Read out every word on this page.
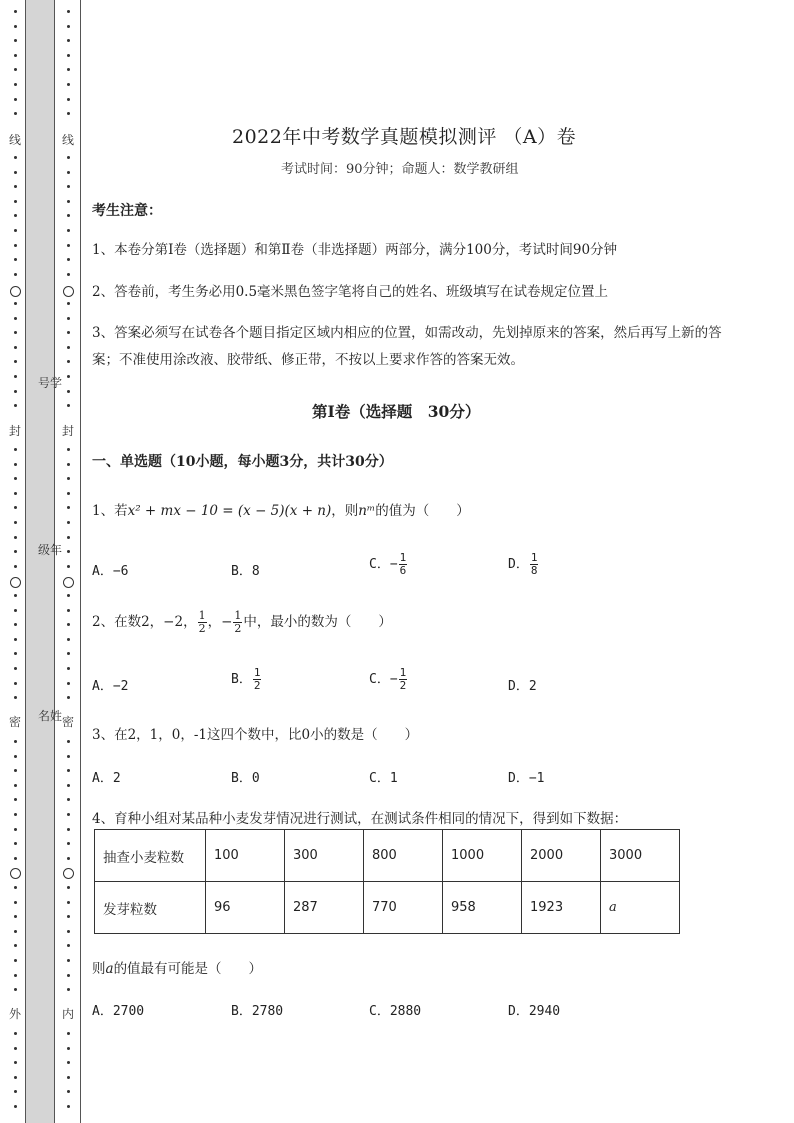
线
封
密
外
号学
级年
名姓
线
封
密
内
2022年中考数学真题模拟测评 （A）卷
考试时间：90分钟；命题人：数学教研组
考生注意：
1、本卷分第I卷（选择题）和第Ⅱ卷（非选择题）两部分，满分100分，考试时间90分钟
2、答卷前，考生务必用0.5毫米黑色签字笔将自己的姓名、班级填写在试卷规定位置上
3、答案必须写在试卷各个题目指定区域内相应的位置，如需改动，先划掉原来的答案，然后再写上新的答案；不准使用涂改液、胶带纸、修正带，不按以上要求作答的答案无效。
第I卷（选择题　30分）
一、单选题（10小题，每小题3分，共计30分）
1、若x² + mx − 10 = (x − 5)(x + n)，则nᵐ的值为（　　）
A．−6	B．8	C．− $\frac{1}{6}$	D． $\frac{1}{8}$
2、在数2，−2， $\frac{1}{2}$ ，− $\frac{1}{2}$ 中，最小的数为（　　）
A．−2	B． $\frac{1}{2}$	C．− $\frac{1}{2}$	D．2
3、在2，1，0，-1这四个数中，比0小的数是（　　）
A．2	B．0	C．1	D．−1
4、育种小组对某品种小麦发芽情况进行测试，在测试条件相同的情况下，得到如下数据：
抽查小麦粒数	100	300	800	1000	2000	3000
发芽粒数	96	287	770	958	1923	a
则a的值最有可能是（　　）
A．2700	B．2780	C．2880	D．2940
